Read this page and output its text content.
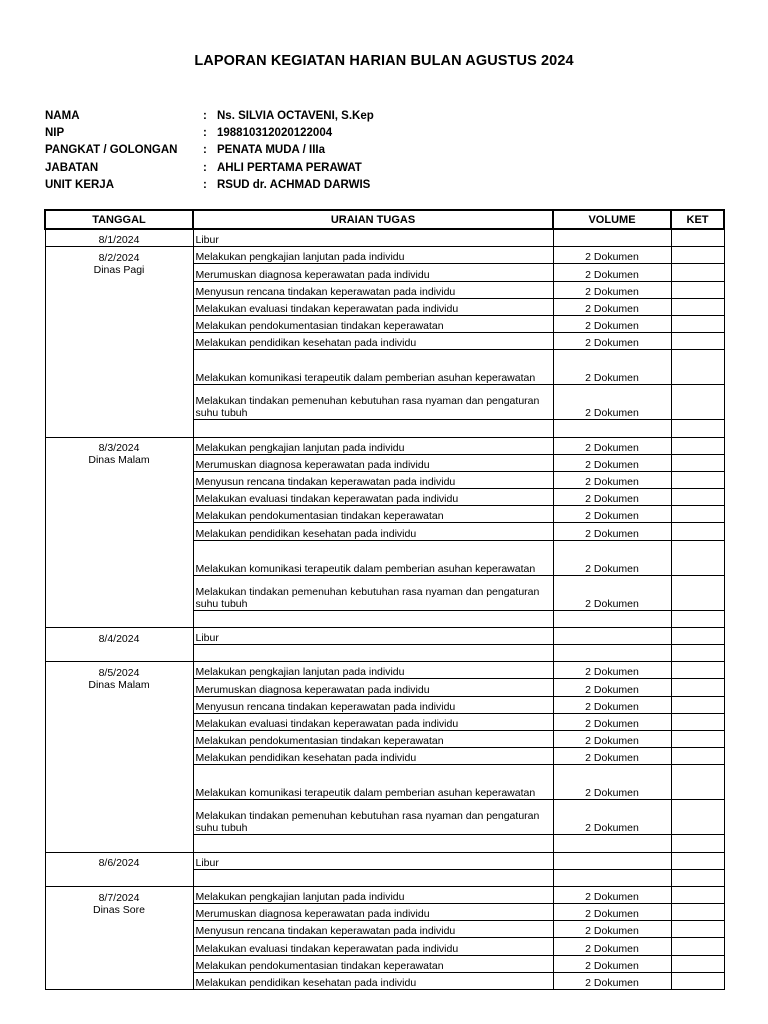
LAPORAN KEGIATAN HARIAN BULAN AGUSTUS 2024
NAMA	: Ns. SILVIA OCTAVENI, S.Kep
NIP	: 198810312020122004
PANGKAT / GOLONGAN	: PENATA MUDA / IIIa
JABATAN	: AHLI PERTAMA PERAWAT
UNIT KERJA	: RSUD dr. ACHMAD DARWIS
TANGGAL	URAIAN TUGAS	VOLUME	KET
8/1/2024	Libur		
8/2/2024	Melakukan pengkajian lanjutan pada individu	2 Dokumen	
Dinas Pagi	Merumuskan diagnosa keperawatan pada individu	2 Dokumen	
	Menyusun rencana tindakan keperawatan pada individu	2 Dokumen	
	Melakukan evaluasi tindakan keperawatan pada individu	2 Dokumen	
	Melakukan pendokumentasian tindakan keperawatan	2 Dokumen	
	Melakukan pendidikan kesehatan pada individu	2 Dokumen	
	Melakukan komunikasi terapeutik dalam pemberian asuhan keperawatan	2 Dokumen	
	Melakukan tindakan pemenuhan kebutuhan rasa nyaman dan pengaturan suhu tubuh	2 Dokumen	

8/3/2024	Melakukan pengkajian lanjutan pada individu	2 Dokumen	
Dinas Malam	Merumuskan diagnosa keperawatan pada individu	2 Dokumen	
	Menyusun rencana tindakan keperawatan pada individu	2 Dokumen	
	Melakukan evaluasi tindakan keperawatan pada individu	2 Dokumen	
	Melakukan pendokumentasian tindakan keperawatan	2 Dokumen	
	Melakukan pendidikan kesehatan pada individu	2 Dokumen	
	Melakukan komunikasi terapeutik dalam pemberian asuhan keperawatan	2 Dokumen	
	Melakukan tindakan pemenuhan kebutuhan rasa nyaman dan pengaturan suhu tubuh	2 Dokumen	

8/4/2024	Libur		

8/5/2024	Melakukan pengkajian lanjutan pada individu	2 Dokumen	
Dinas Malam	Merumuskan diagnosa keperawatan pada individu	2 Dokumen	
	Menyusun rencana tindakan keperawatan pada individu	2 Dokumen	
	Melakukan evaluasi tindakan keperawatan pada individu	2 Dokumen	
	Melakukan pendokumentasian tindakan keperawatan	2 Dokumen	
	Melakukan pendidikan kesehatan pada individu	2 Dokumen	
	Melakukan komunikasi terapeutik dalam pemberian asuhan keperawatan	2 Dokumen	
	Melakukan tindakan pemenuhan kebutuhan rasa nyaman dan pengaturan suhu tubuh	2 Dokumen	

8/6/2024	Libur		

8/7/2024	Melakukan pengkajian lanjutan pada individu	2 Dokumen	
Dinas Sore	Merumuskan diagnosa keperawatan pada individu	2 Dokumen	
	Menyusun rencana tindakan keperawatan pada individu	2 Dokumen	
	Melakukan evaluasi tindakan keperawatan pada individu	2 Dokumen	
	Melakukan pendokumentasian tindakan keperawatan	2 Dokumen	
	Melakukan pendidikan kesehatan pada individu	2 Dokumen	
